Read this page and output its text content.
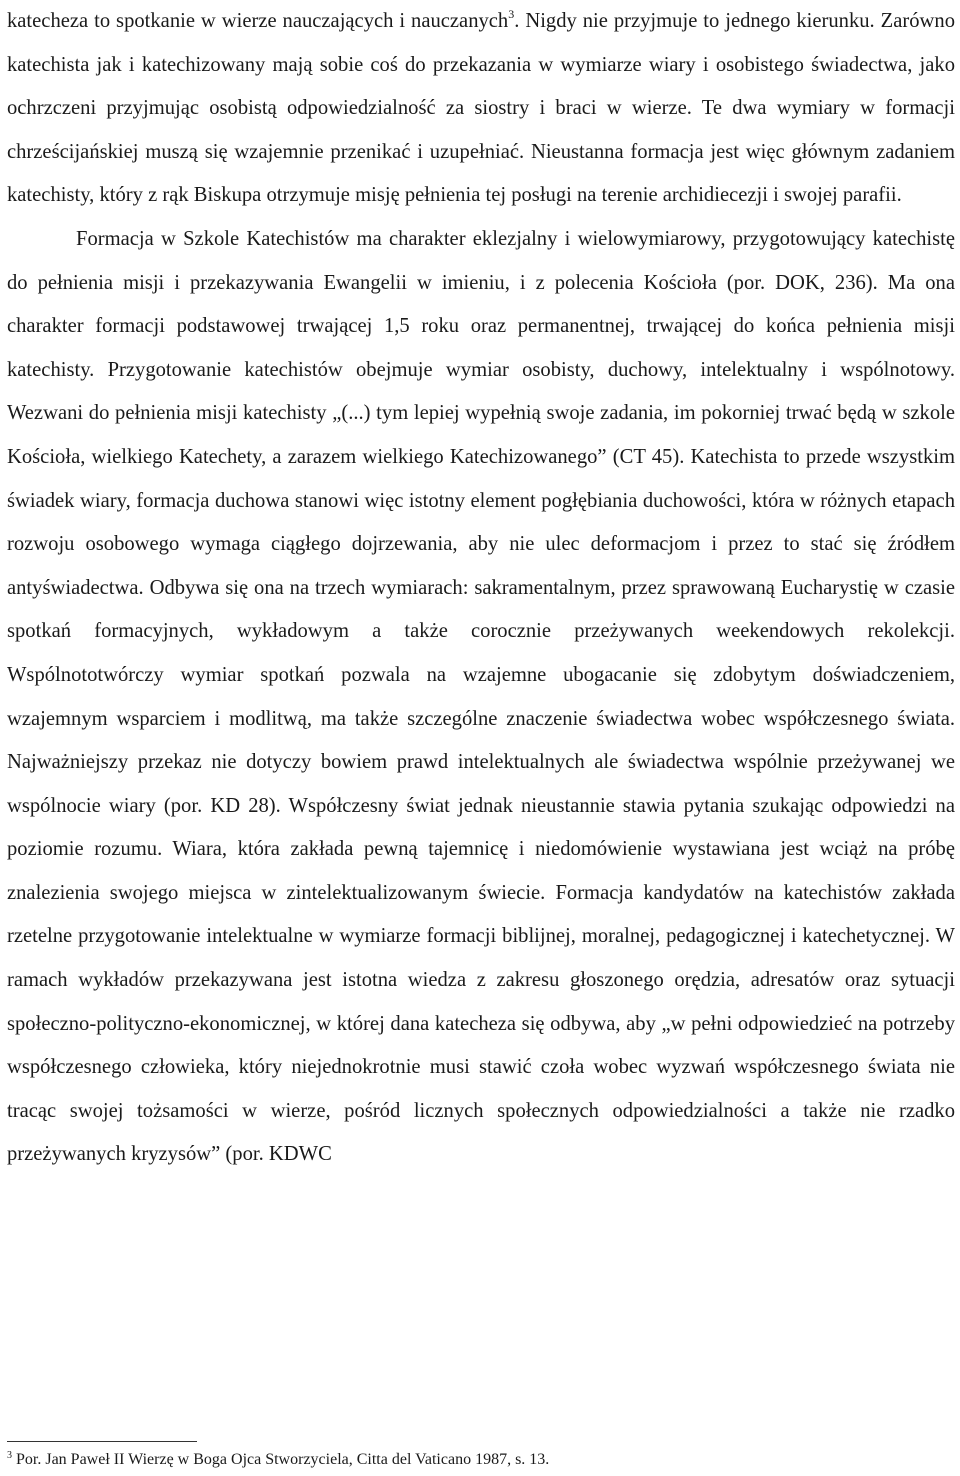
katecheza to spotkanie w wierze nauczających i nauczanych$^3$. Nigdy nie przyjmuje to jednego kierunku. Zarówno katechista jak i katechizowany mają sobie coś do przekazania w wymiarze wiary i osobistego świadectwa, jako ochrzczeni przyjmując osobistą odpowiedzialność za siostry i braci w wierze. Te dwa wymiary w formacji chrześcijańskiej muszą się wzajemnie przenikać i uzupełniać. Nieustanna formacja jest więc głównym zadaniem katechisty, który z rąk Biskupa otrzymuje misję pełnienia tej posługi na terenie archidiecezji i swojej parafii.

Formacja w Szkole Katechistów ma charakter eklezjalny i wielowymiarowy, przygotowujący katechistę do pełnienia misji i przekazywania Ewangelii w imieniu, i z polecenia Kościoła (por. DOK, 236). Ma ona charakter formacji podstawowej trwającej 1,5 roku oraz permanentnej, trwającej do końca pełnienia misji katechisty. Przygotowanie katechistów obejmuje wymiar osobisty, duchowy, intelektualny i wspólnotowy. Wezwani do pełnienia misji katechisty „(...) tym lepiej wypełnią swoje zadania, im pokorniej trwać będą w szkole Kościoła, wielkiego Katechety, a zarazem wielkiego Katechizowanego” (CT 45). Katechista to przede wszystkim świadek wiary, formacja duchowa stanowi więc istotny element pogłębiania duchowości, która w różnych etapach rozwoju osobowego wymaga ciągłego dojrzewania, aby nie ulec deformacjom i przez to stać się źródłem antyświadectwa. Odbywa się ona na trzech wymiarach: sakramentalnym, przez sprawowaną Eucharystię w czasie spotkań formacyjnych, wykładowym a także corocznie przeżywanych weekendowych rekolekcji. Wspólnototwórczy wymiar spotkań pozwala na wzajemne ubogacanie się zdobytym doświadczeniem, wzajemnym wsparciem i modlitwą, ma także szczególne znaczenie świadectwa wobec współczesnego świata. Najważniejszy przekaz nie dotyczy bowiem prawd intelektualnych ale świadectwa wspólnie przeżywanej we wspólnocie wiary (por. KD 28). Współczesny świat jednak nieustannie stawia pytania szukając odpowiedzi na poziomie rozumu. Wiara, która zakłada pewną tajemnicę i niedomówienie wystawiana jest wciąż na próbę znalezienia swojego miejsca w zintelektualizowanym świecie. Formacja kandydatów na katechistów zakłada rzetelne przygotowanie intelektualne w wymiarze formacji biblijnej, moralnej, pedagogicznej i katechetycznej. W ramach wykładów przekazywana jest istotna wiedza z zakresu głoszonego orędzia, adresatów oraz sytuacji społeczno-polityczno-ekonomicznej, w której dana katecheza się odbywa, aby „w pełni odpowiedzieć na potrzeby współczesnego człowieka, który niejednokrotnie musi stawić czoła wobec wyzwań współczesnego świata nie tracąc swojej tożsamości w wierze, pośród licznych społecznych odpowiedzialności a także nie rzadko przeżywanych kryzysów” (por. KDWC

$^3$ Por. Jan Paweł II Wierzę w Boga Ojca Stworzyciela, Citta del Vaticano 1987, s. 13.
